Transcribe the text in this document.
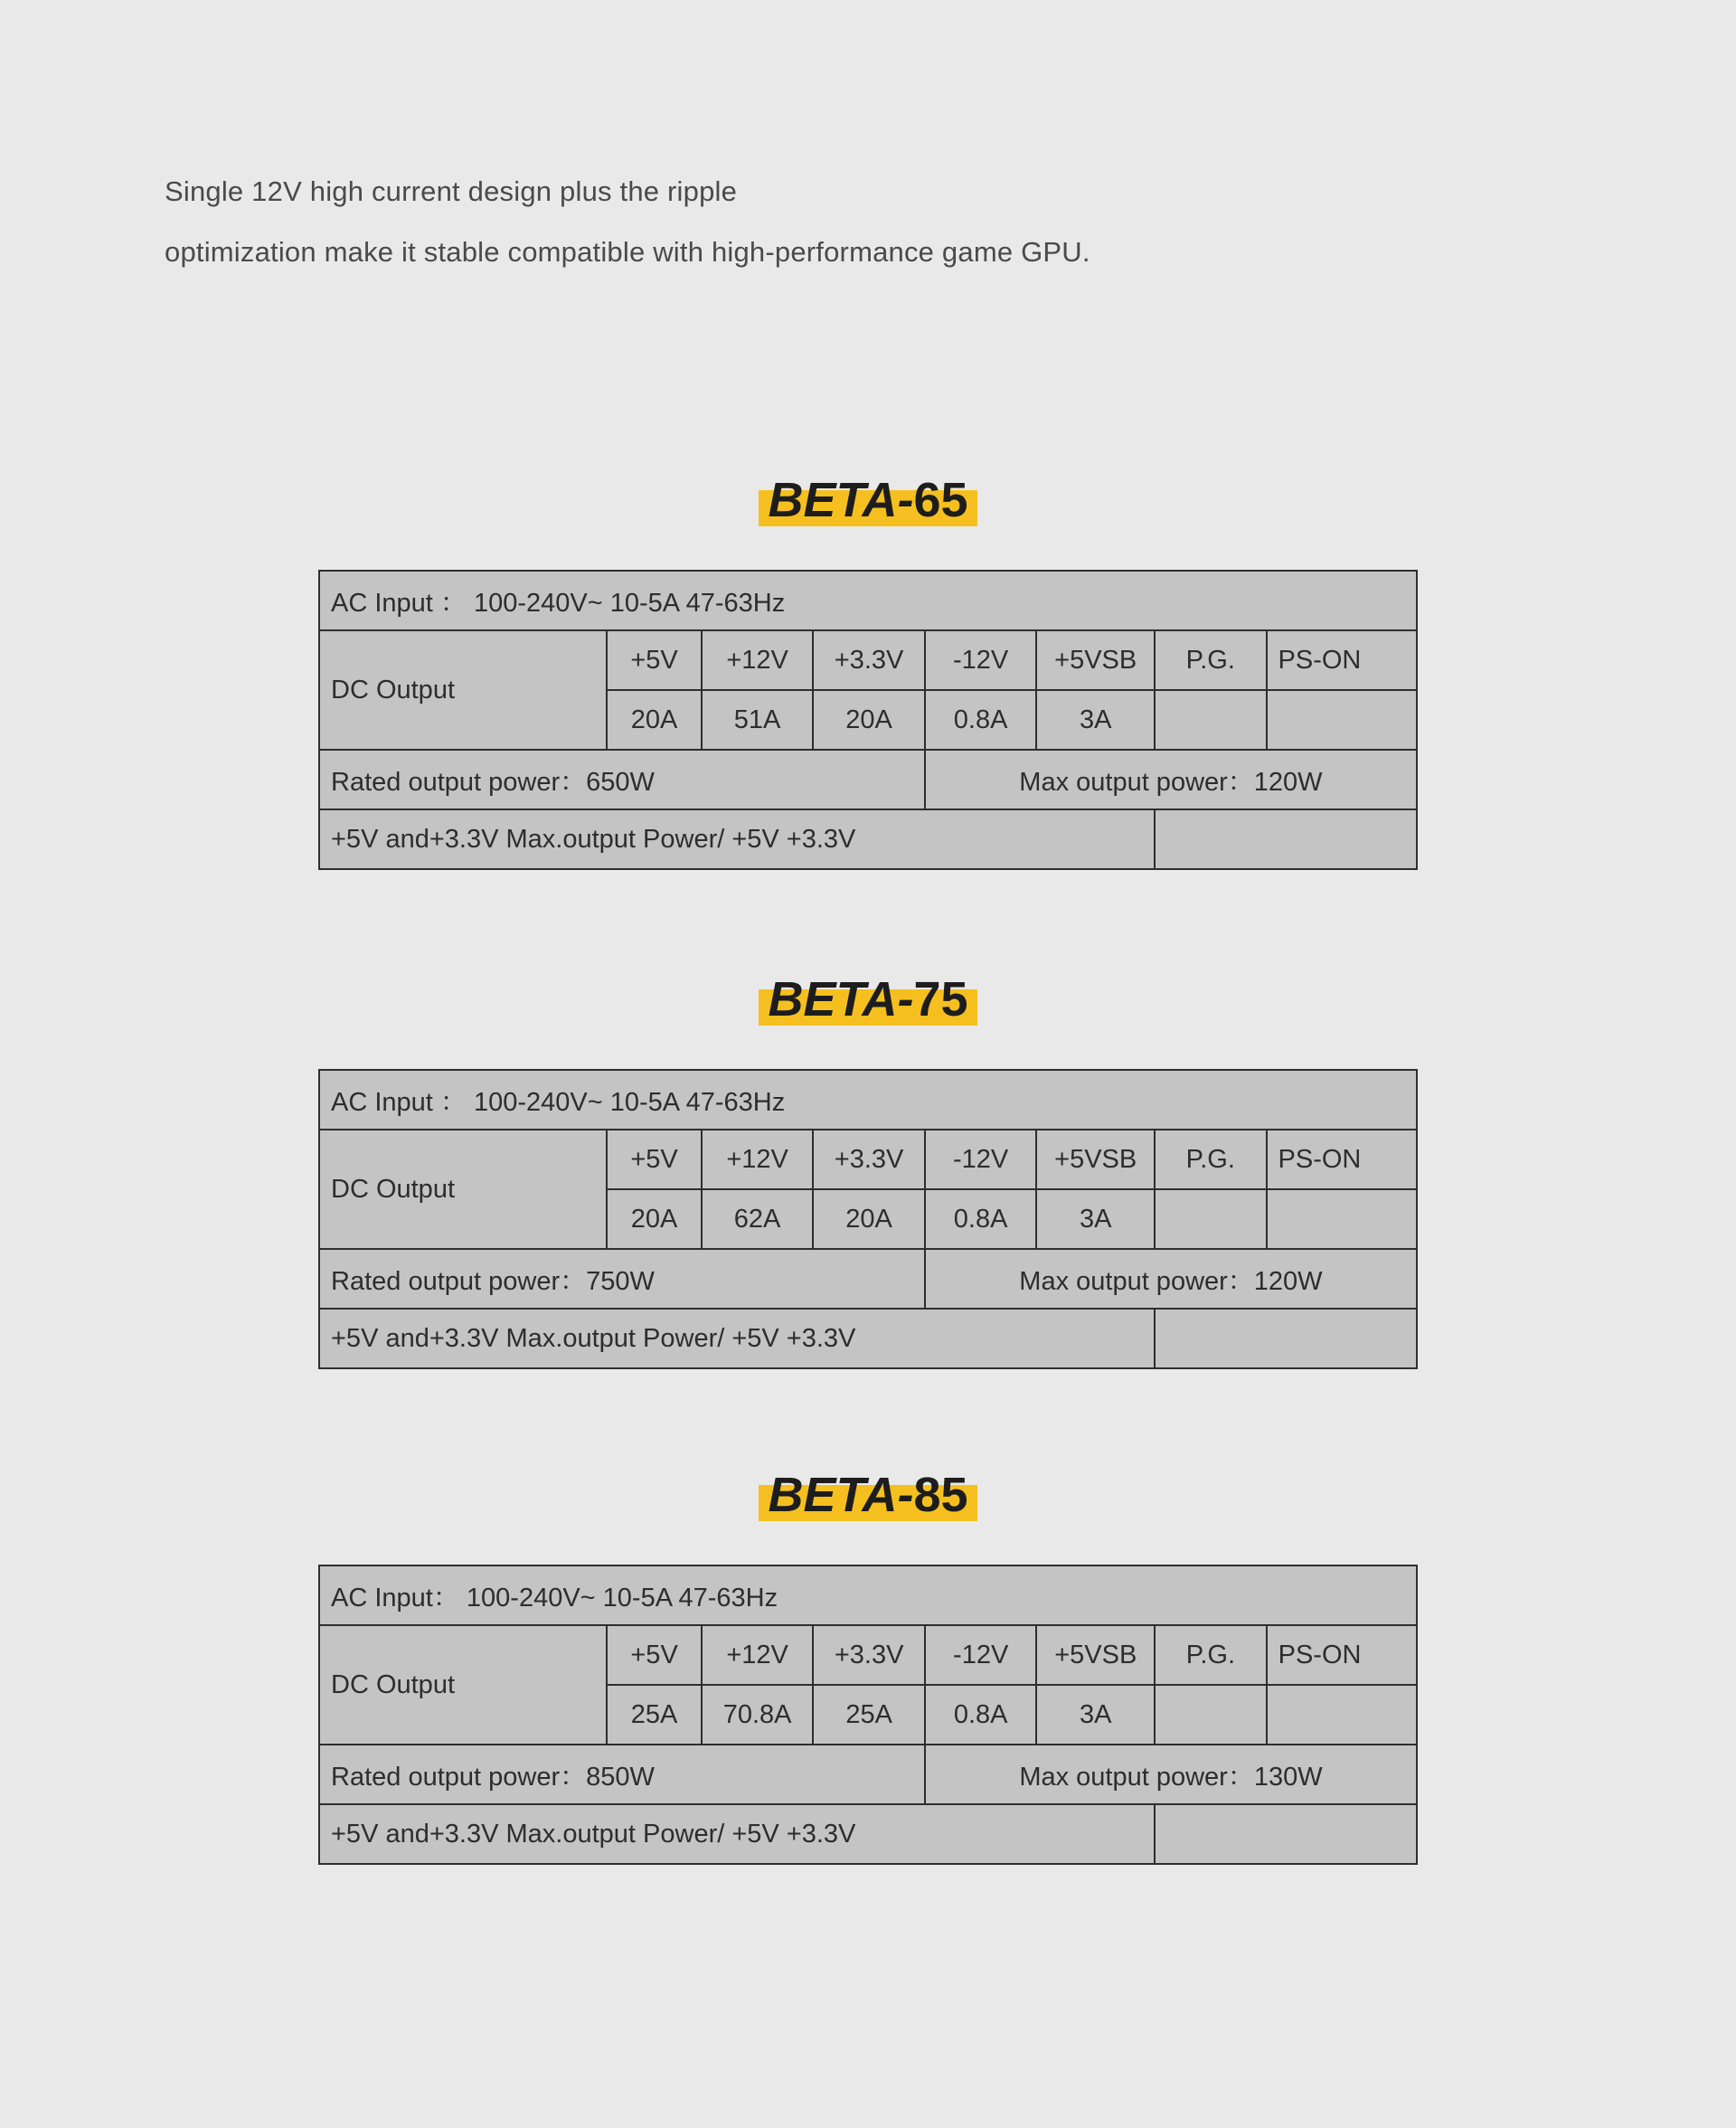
Single 12V high current design plus the ripple
optimization make it stable compatible with high-performance game GPU.
BETA-65
AC Input ： 100-240V~ 10-5A 47-63Hz							
DC Output	+5V	+12V	+3.3V	-12V	+5VSB	P.G.	PS-ON
	20A	51A	20A	0.8A	3A		
Rated output power：650W				Max output power：120W			
+5V and+3.3V Max.output Power/ +5V +3.3V							
BETA-75
AC Input ： 100-240V~ 10-5A 47-63Hz							
DC Output	+5V	+12V	+3.3V	-12V	+5VSB	P.G.	PS-ON
	20A	62A	20A	0.8A	3A		
Rated output power：750W				Max output power：120W			
+5V and+3.3V Max.output Power/ +5V +3.3V							
BETA-85
AC Input： 100-240V~ 10-5A 47-63Hz							
DC Output	+5V	+12V	+3.3V	-12V	+5VSB	P.G.	PS-ON
	25A	70.8A	25A	0.8A	3A		
Rated output power：850W				Max output power：130W			
+5V and+3.3V Max.output Power/ +5V +3.3V							
